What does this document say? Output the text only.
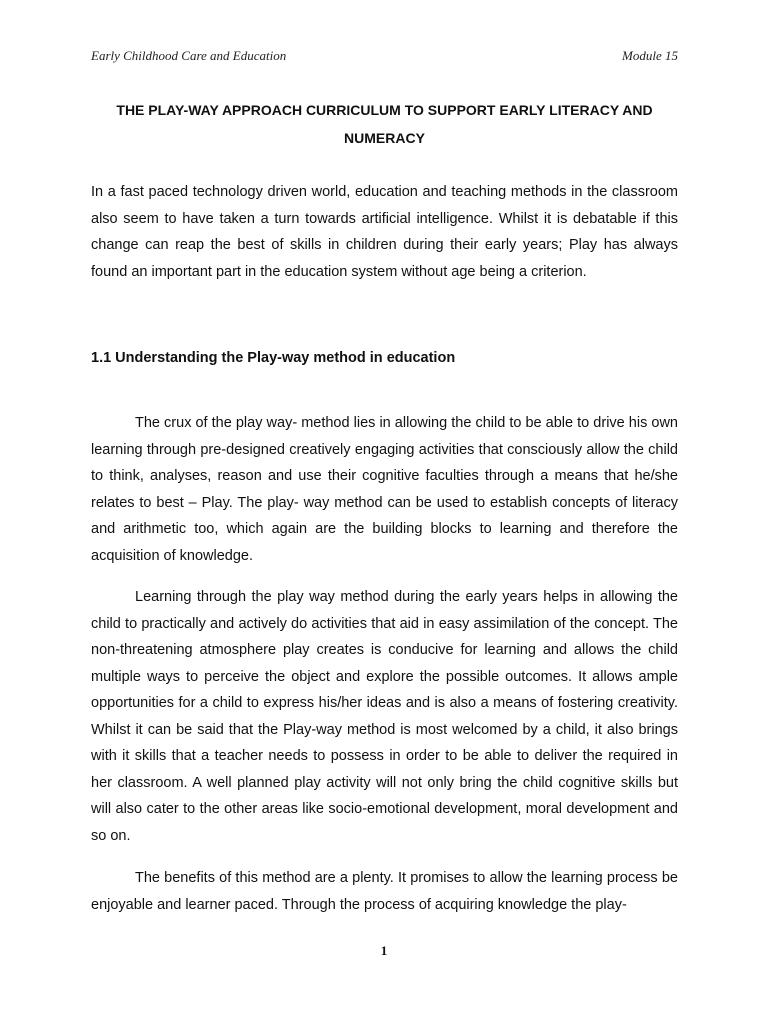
Early Childhood Care and Education	Module 15
THE PLAY-WAY APPROACH CURRICULUM TO SUPPORT EARLY LITERACY AND NUMERACY
In a fast paced technology driven world, education and teaching methods in the classroom also seem to have taken a turn towards artificial intelligence. Whilst it is debatable if this change can reap the best of skills in children during their early years; Play has always found an important part in the education system without age being a criterion.
1.1 Understanding the Play-way method in education

The crux of the play way- method lies in allowing the child to be able to drive his own learning through pre-designed creatively engaging activities that consciously allow the child to think, analyses, reason and use their cognitive faculties through a means that he/she relates to best – Play. The play- way method can be used to establish concepts of literacy and arithmetic too, which again are the building blocks to learning and therefore the acquisition of knowledge.

Learning through the play way method during the early years helps in allowing the child to practically and actively do activities that aid in easy assimilation of the concept. The non-threatening atmosphere play creates is conducive for learning and allows the child multiple ways to perceive the object and explore the possible outcomes. It allows ample opportunities for a child to express his/her ideas and is also a means of fostering creativity. Whilst it can be said that the Play-way method is most welcomed by a child, it also brings with it skills that a teacher needs to possess in order to be able to deliver the required in her classroom. A well planned play activity will not only bring the child cognitive skills but will also cater to the other areas like socio-emotional development, moral development and so on.

The benefits of this method are a plenty. It promises to allow the learning process be enjoyable and learner paced. Through the process of acquiring knowledge the play-

1
